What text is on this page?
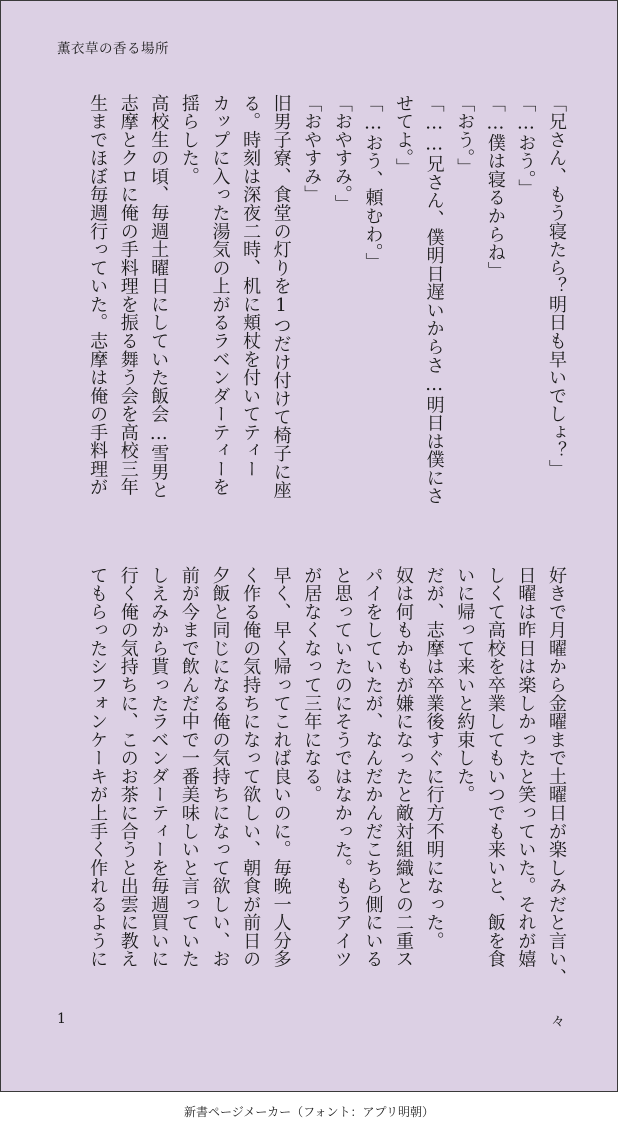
薫衣草の香る場所
「兄さん、もう寝たら？明日も早いでしょ？」
「…おう。」
「…僕は寝るからね」
「おう。」
「……兄さん、僕明日遅いからさ…明日は僕にさ
せてよ。」
「…おう、頼むわ。」
「おやすみ。」
「おやすみ」
旧男子寮、食堂の灯りを1つだけ付けて椅子に座
る。時刻は深夜二時、机に頬杖を付いてティー
カップに入った湯気の上がるラベンダーティーを
揺らした。
高校生の頃、毎週土曜日にしていた飯会…雪男と
志摩とクロに俺の手料理を振る舞う会を高校三年
生までほぼ毎週行っていた。志摩は俺の手料理が
好きで月曜から金曜まで土曜日が楽しみだと言い、
日曜は昨日は楽しかったと笑っていた。それが嬉
しくて高校を卒業してもいつでも来いと、飯を食
いに帰って来いと約束した。
だが、志摩は卒業後すぐに行方不明になった。
奴は何もかもが嫌になったと敵対組織との二重ス
パイをしていたが、なんだかんだこちら側にいる
と思っていたのにそうではなかった。もうアイツ
が居なくなって三年になる。
早く、早く帰ってこれば良いのに。毎晩一人分多
く作る俺の気持ちになって欲しい、朝食が前日の
夕飯と同じになる俺の気持ちになって欲しい、お
前が今まで飲んだ中で一番美味しいと言っていた
しえみから貰ったラベンダーティーを毎週買いに
行く俺の気持ちに、このお茶に合うと出雲に教え
てもらったシフォンケーキが上手く作れるように
1	々
新書ページメーカー（フォント：アプリ明朝）
